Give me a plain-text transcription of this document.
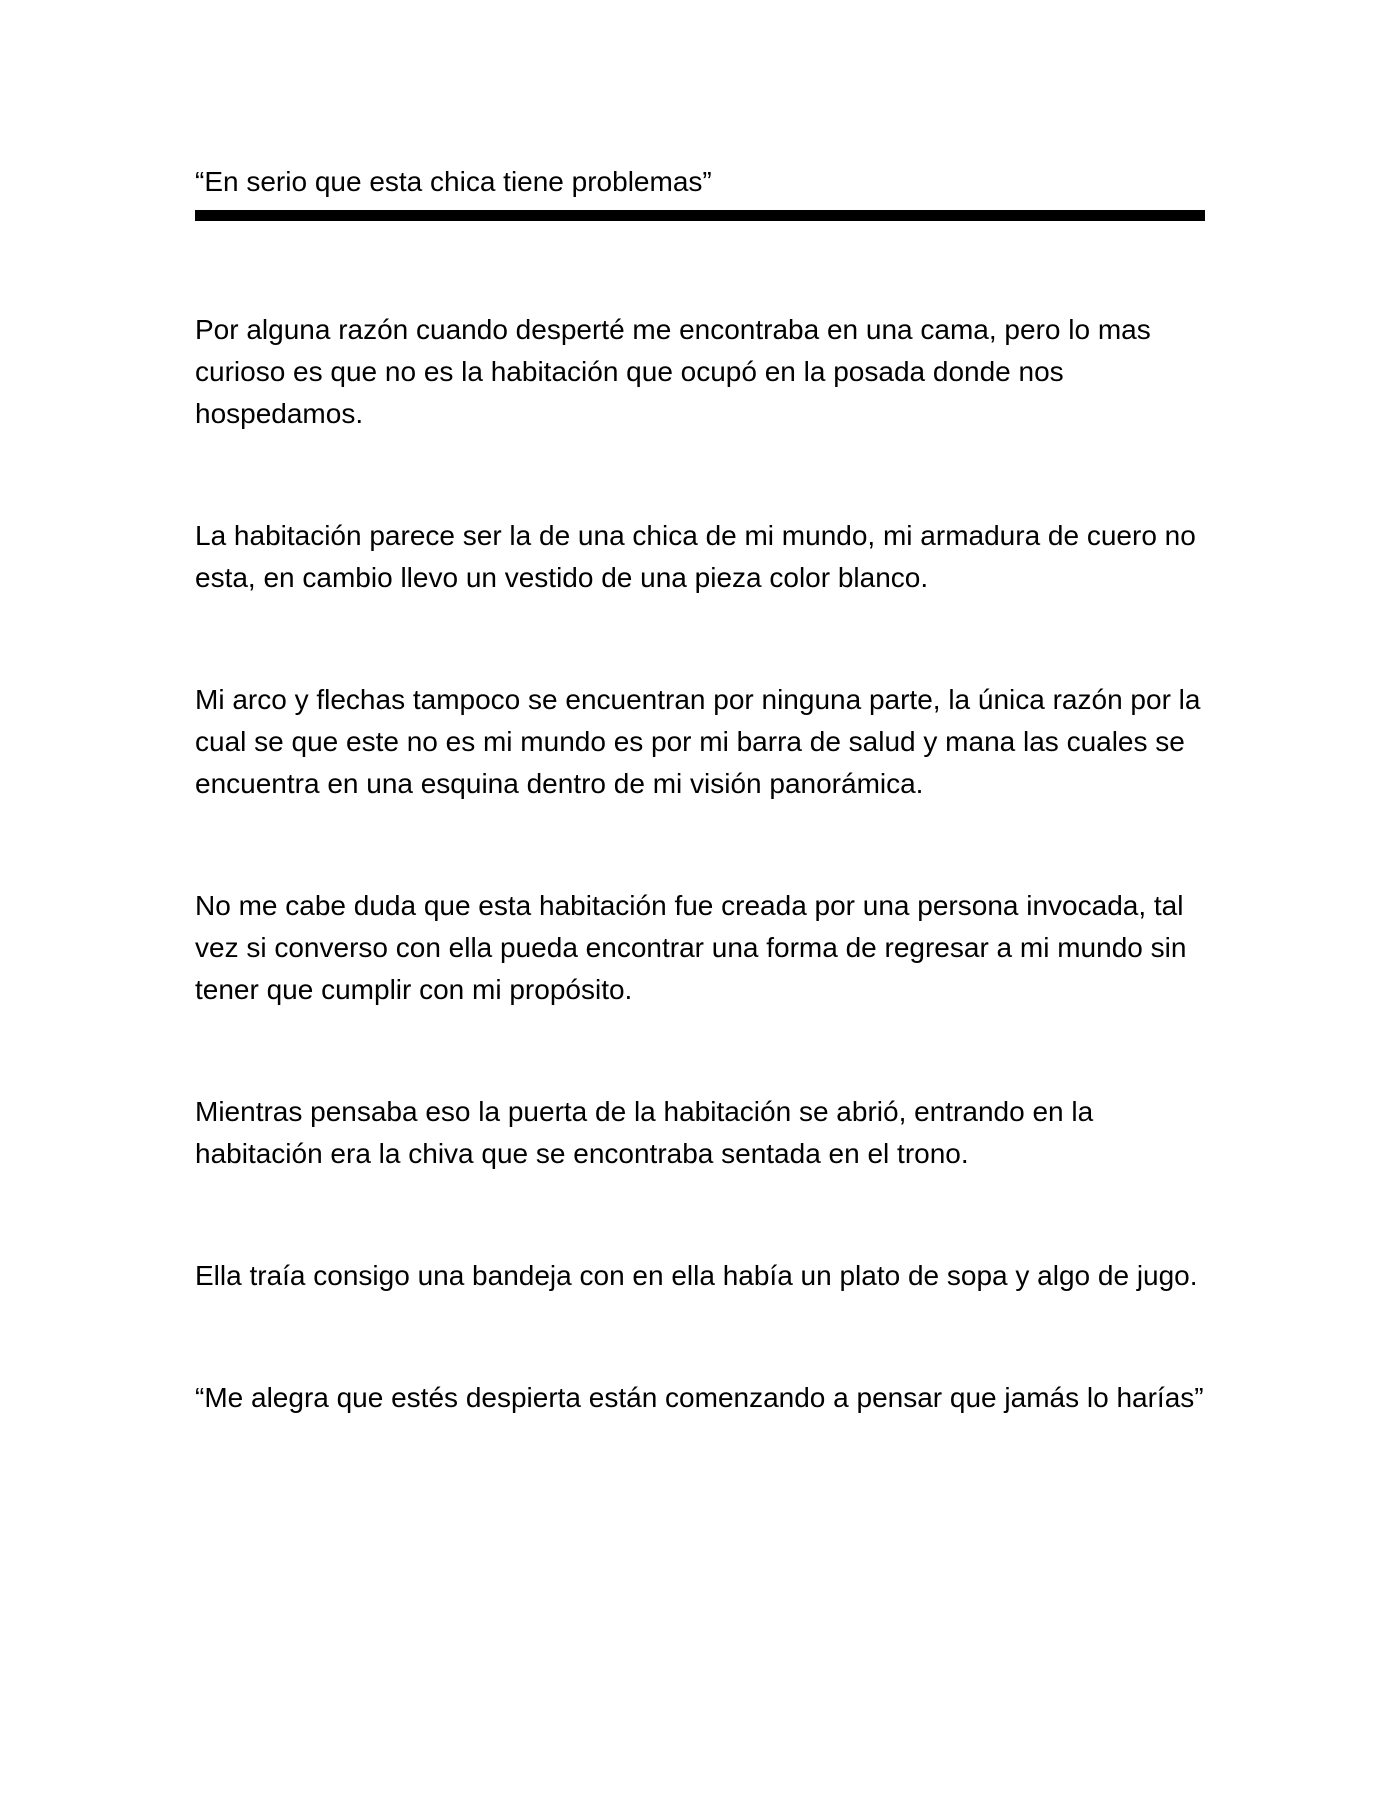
“En serio que esta chica tiene problemas”

Por alguna razón cuando desperté me encontraba en una cama, pero lo mas curioso es que no es la habitación que ocupó en la posada donde nos hospedamos.

La habitación parece ser la de una chica de mi mundo, mi armadura de cuero no esta, en cambio llevo un vestido de una pieza color blanco.

Mi arco y flechas tampoco se encuentran por ninguna parte, la única razón por la cual se que este no es mi mundo es por mi barra de salud y mana las cuales se encuentra en una esquina dentro de mi visión panorámica.

No me cabe duda que esta habitación fue creada por una persona invocada, tal vez si converso con ella pueda encontrar una forma de regresar a mi mundo sin tener que cumplir con mi propósito.

Mientras pensaba eso la puerta de la habitación se abrió, entrando en la habitación era la chiva que se encontraba sentada en el trono.

Ella traía consigo una bandeja con en ella había un plato de sopa y algo de jugo.

“Me alegra que estés despierta están comenzando a pensar que jamás lo harías”
